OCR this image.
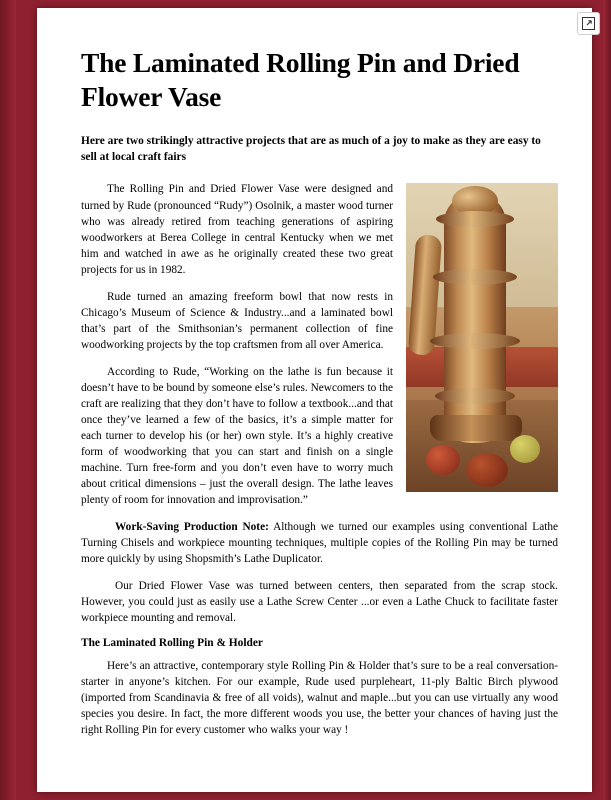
The Laminated Rolling Pin and Dried Flower Vase

Here are two strikingly attractive projects that are as much of a joy to make as they are easy to sell at local craft fairs

The Rolling Pin and Dried Flower Vase were designed and turned by Rude (pronounced “Rudy”) Osolnik, a master wood turner who was already retired from teaching generations of aspiring woodworkers at Berea College in central Kentucky when we met him and watched in awe as he originally created these two great projects for us in 1982.

Rude turned an amazing freeform bowl that now rests in Chicago’s Museum of Science & Industry...and a laminated bowl that’s part of the Smithsonian’s permanent collection of fine woodworking projects by the top craftsmen from all over America.

According to Rude, “Working on the lathe is fun because it doesn’t have to be bound by someone else’s rules. Newcomers to the craft are realizing that they don’t have to follow a textbook...and that once they’ve learned a few of the basics, it’s a simple matter for each turner to develop his (or her) own style. It’s a highly creative form of woodworking that you can start and finish on a single machine. Turn free-form and you don’t even have to worry much about critical dimensions – just the overall design. The lathe leaves plenty of room for innovation and improvisation.”

Work-Saving Production Note: Although we turned our examples using conventional Lathe Turning Chisels and workpiece mounting techniques, multiple copies of the Rolling Pin may be turned more quickly by using Shopsmith’s Lathe Duplicator.

Our Dried Flower Vase was turned between centers, then separated from the scrap stock. However, you could just as easily use a Lathe Screw Center ...or even a Lathe Chuck to facilitate faster workpiece mounting and removal.

The Laminated Rolling Pin & Holder

Here’s an attractive, contemporary style Rolling Pin & Holder that’s sure to be a real conversation-starter in anyone’s kitchen. For our example, Rude used purpleheart, 11-ply Baltic Birch plywood (imported from Scandinavia & free of all voids), walnut and maple...but you can use virtually any wood species you desire. In fact, the more different woods you use, the better your chances of having just the right Rolling Pin for every customer who walks your way !
